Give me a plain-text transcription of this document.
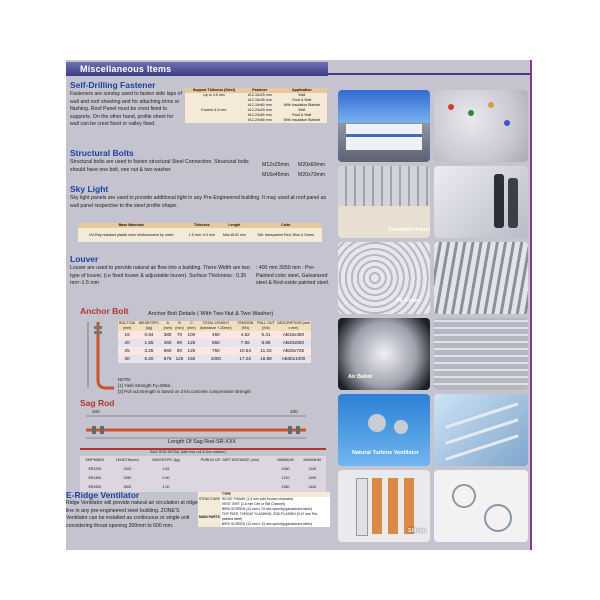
Miscellaneous Items
Self-Drilling Fastener
Fasteners are sunday used to fasten side laps of wall and roof sheeting and for attaching trims or flashing. Roof Panel must be crest fixed to supports. On the other hand, profile sheet for wall can be crest fixed or valley fixed.
Support Thikness (Steel)	Fastener	Application
Up to 4.5 mm	#12-16x25 mm	Wall
	#12-16x35 mm	Roof & Wall
	#12-16x60 mm	With Insulation Blanket
Exceed 4.5 mm	#12-24x25 mm	Wall
	#12-24x50 mm	Roof & Wall
	#12-24x65 mm	With Insulation Blanket
Structural Bolts
Structural bolts are used to fasten structural Steel Connection. Structural bolts should have one bolt, one nut & two washer.
M12x25mm M20x60mm
M16x45mm M20x70mm
Sky Light
Sky light panels are used to provide additional light in any Pre-Engineered building. It may used at roof panel as wall panel respective to the steel profile shape.
Base Materials	Thikness	Length	Color
UV-Ray resistant plastic resin reinforcement by mesh	1.5 mm~4.0 mm	Max.8100 mm	Std. transparent Red, Blue & Green
Louver
Louver are used to provide natural air flow into a building. There Width are two type of louver, (i.e fixed louver & adjustable louver). Surface Thickness : 0.35 mm~1.5 mm
: 400 mm 3050 mm : Pre-Painted color steel, Galvanized steel & Red-oxide painted steel.
Anchor Bolt	Anchor Bolt Details ( With Two Nut & Two Washer)
BOLT DIA (mm)	WEIGHT/PC (kg)	A (mm)	B (mm)	C (mm)	TOTAL LENGHT (tolerance +-20mm)	TENSION (KN)	PULL OUT (KN)	DESCRIPTION (mm x mm)
16	0.84	380	70	100	450	4.62	5.41	AB16x450
20	1.55	460	90	125	550	7.56	8.88	AB20x550
25	3.25	660	90	125	750	10.54	11.03	AB25x725
30	6.20	875	125	150	1000	17.02	16.88	AB30x1000
NOTE:
[1] Yield Strength Fy=60ksi.
[2] Pull out strength is based on 3 ksi concrete compressive strength
Sag Rod
100	100
Length Of Sag Rod-SR-XXX
SAG ROD DETAIL (with four nut & four washer)
SHIPMARK	LENGTH(mm)	WEIGHT/PC (kg)	PURLIN C/F. GIRT DISTANCE (mm)	MINIMUM	MAXIMUM
SR1200	1200	0.81		1060	1140
SR1350	1350	0.90		1210	1290
SR1500	1500	1.00		1360	1440
E-Ridge Ventilator
Ridge Ventilator will provide natural air circulation at ridge line in any pre-engineered steel building. ZONE'S Ventilator can be installed as continuous or single unit considering throat opening 300mm to 600 mm.
	TYPE
STRUCTURE	RIDGE FRAME (1.6 mm cold formed channels)
	VENT GRIT (1.6 mm Cee or Bel Channel)
	BIRD SCREEN (13 mm x 13 mm opening galvanized mesh)
MAIN PARTS	TOP PATE, THROAT FLASHING, END FLASHIN (0.47 mm Pre-painted steel)
	BIRD SCREEN (13 mm x 13 mm opening galvanized mesh)
Sandwich Panel
PE-Foam
Air Babol
Natural Turbine Ventilator
Silicon
